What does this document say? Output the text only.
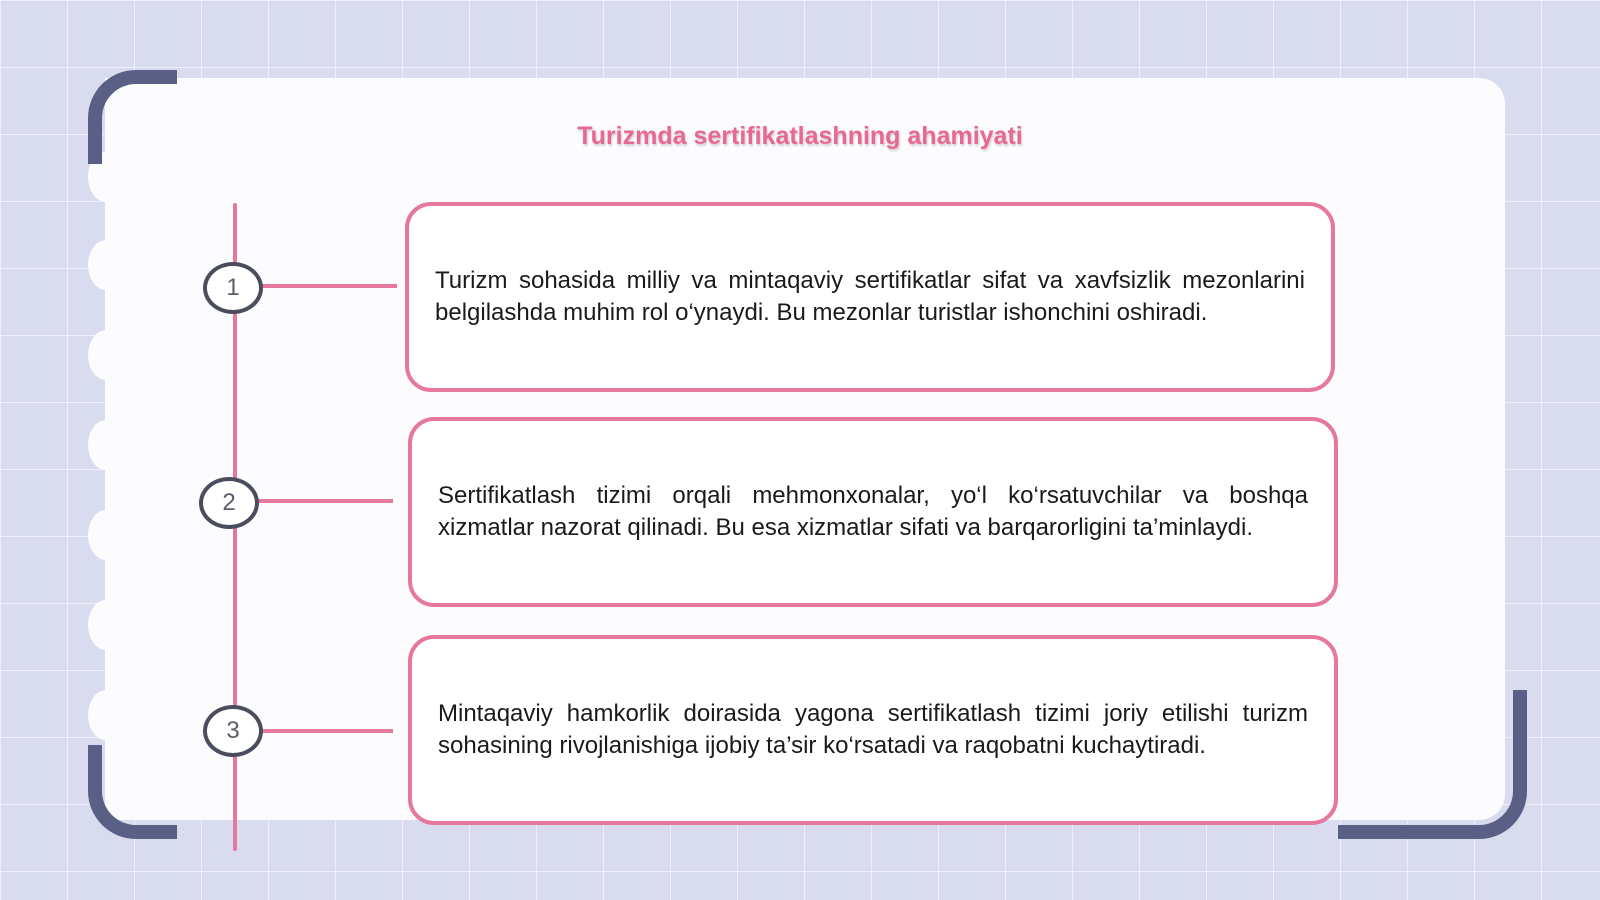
Turizmda sertifikatlashning ahamiyati
1	Turizm sohasida milliy va mintaqaviy sertifikatlar sifat va xavfsizlik mezonlarini belgilashda muhim rol o‘ynaydi. Bu mezonlar turistlar ishonchini oshiradi.

2	Sertifikatlash tizimi orqali mehmonxonalar, yo‘l ko‘rsatuvchilar va boshqa xizmatlar nazorat qilinadi. Bu esa xizmatlar sifati va barqarorligini ta’minlaydi.

3

Mintaqaviy hamkorlik doirasida yagona sertifikatlash tizimi joriy etilishi turizm sohasining rivojlanishiga ijobiy ta’sir ko‘rsatadi va raqobatni kuchaytiradi.
